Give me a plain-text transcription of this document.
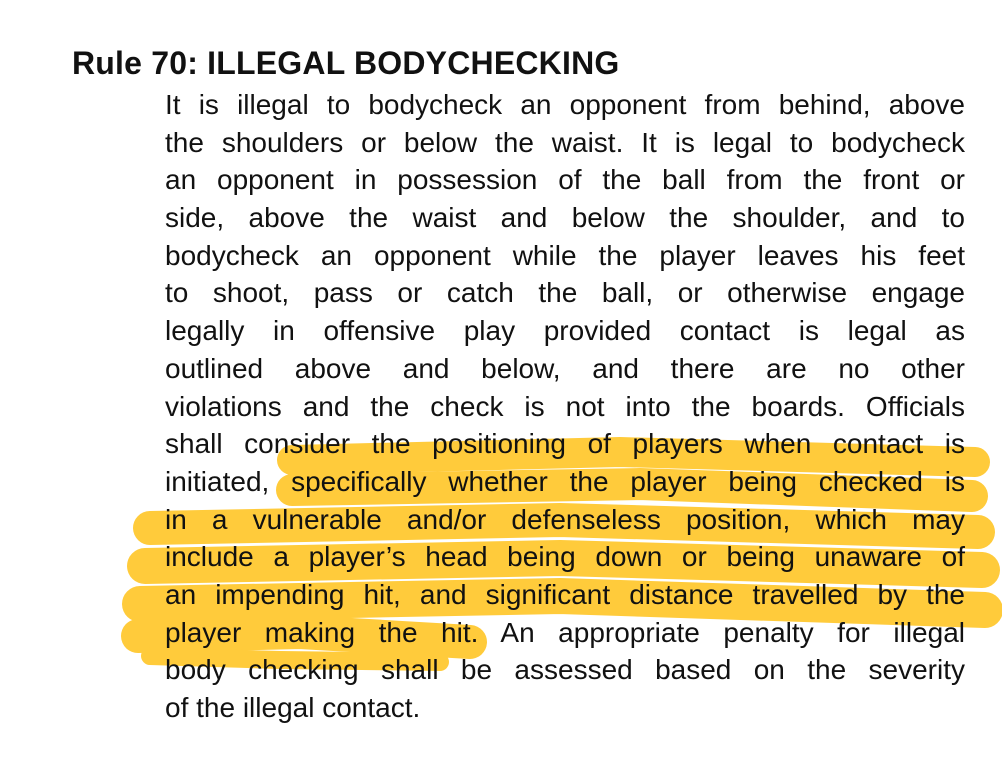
Rule 70: ILLEGAL BODYCHECKING
It is illegal to bodycheck an opponent from behind, above
the shoulders or below the waist. It is legal to bodycheck
an opponent in possession of the ball from the front or
side, above the waist and below the shoulder, and to
bodycheck an opponent while the player leaves his feet
to shoot, pass or catch the ball, or otherwise engage
legally in offensive play provided contact is legal as
outlined above and below, and there are no other
violations and the check is not into the boards. Officials
shall consider the positioning of players when contact is
initiated, specifically whether the player being checked is
in a vulnerable and/or defenseless position, which may
include a player’s head being down or being unaware of
an impending hit, and significant distance travelled by the
player making the hit. An appropriate penalty for illegal
body checking shall be assessed based on the severity
of the illegal contact.
